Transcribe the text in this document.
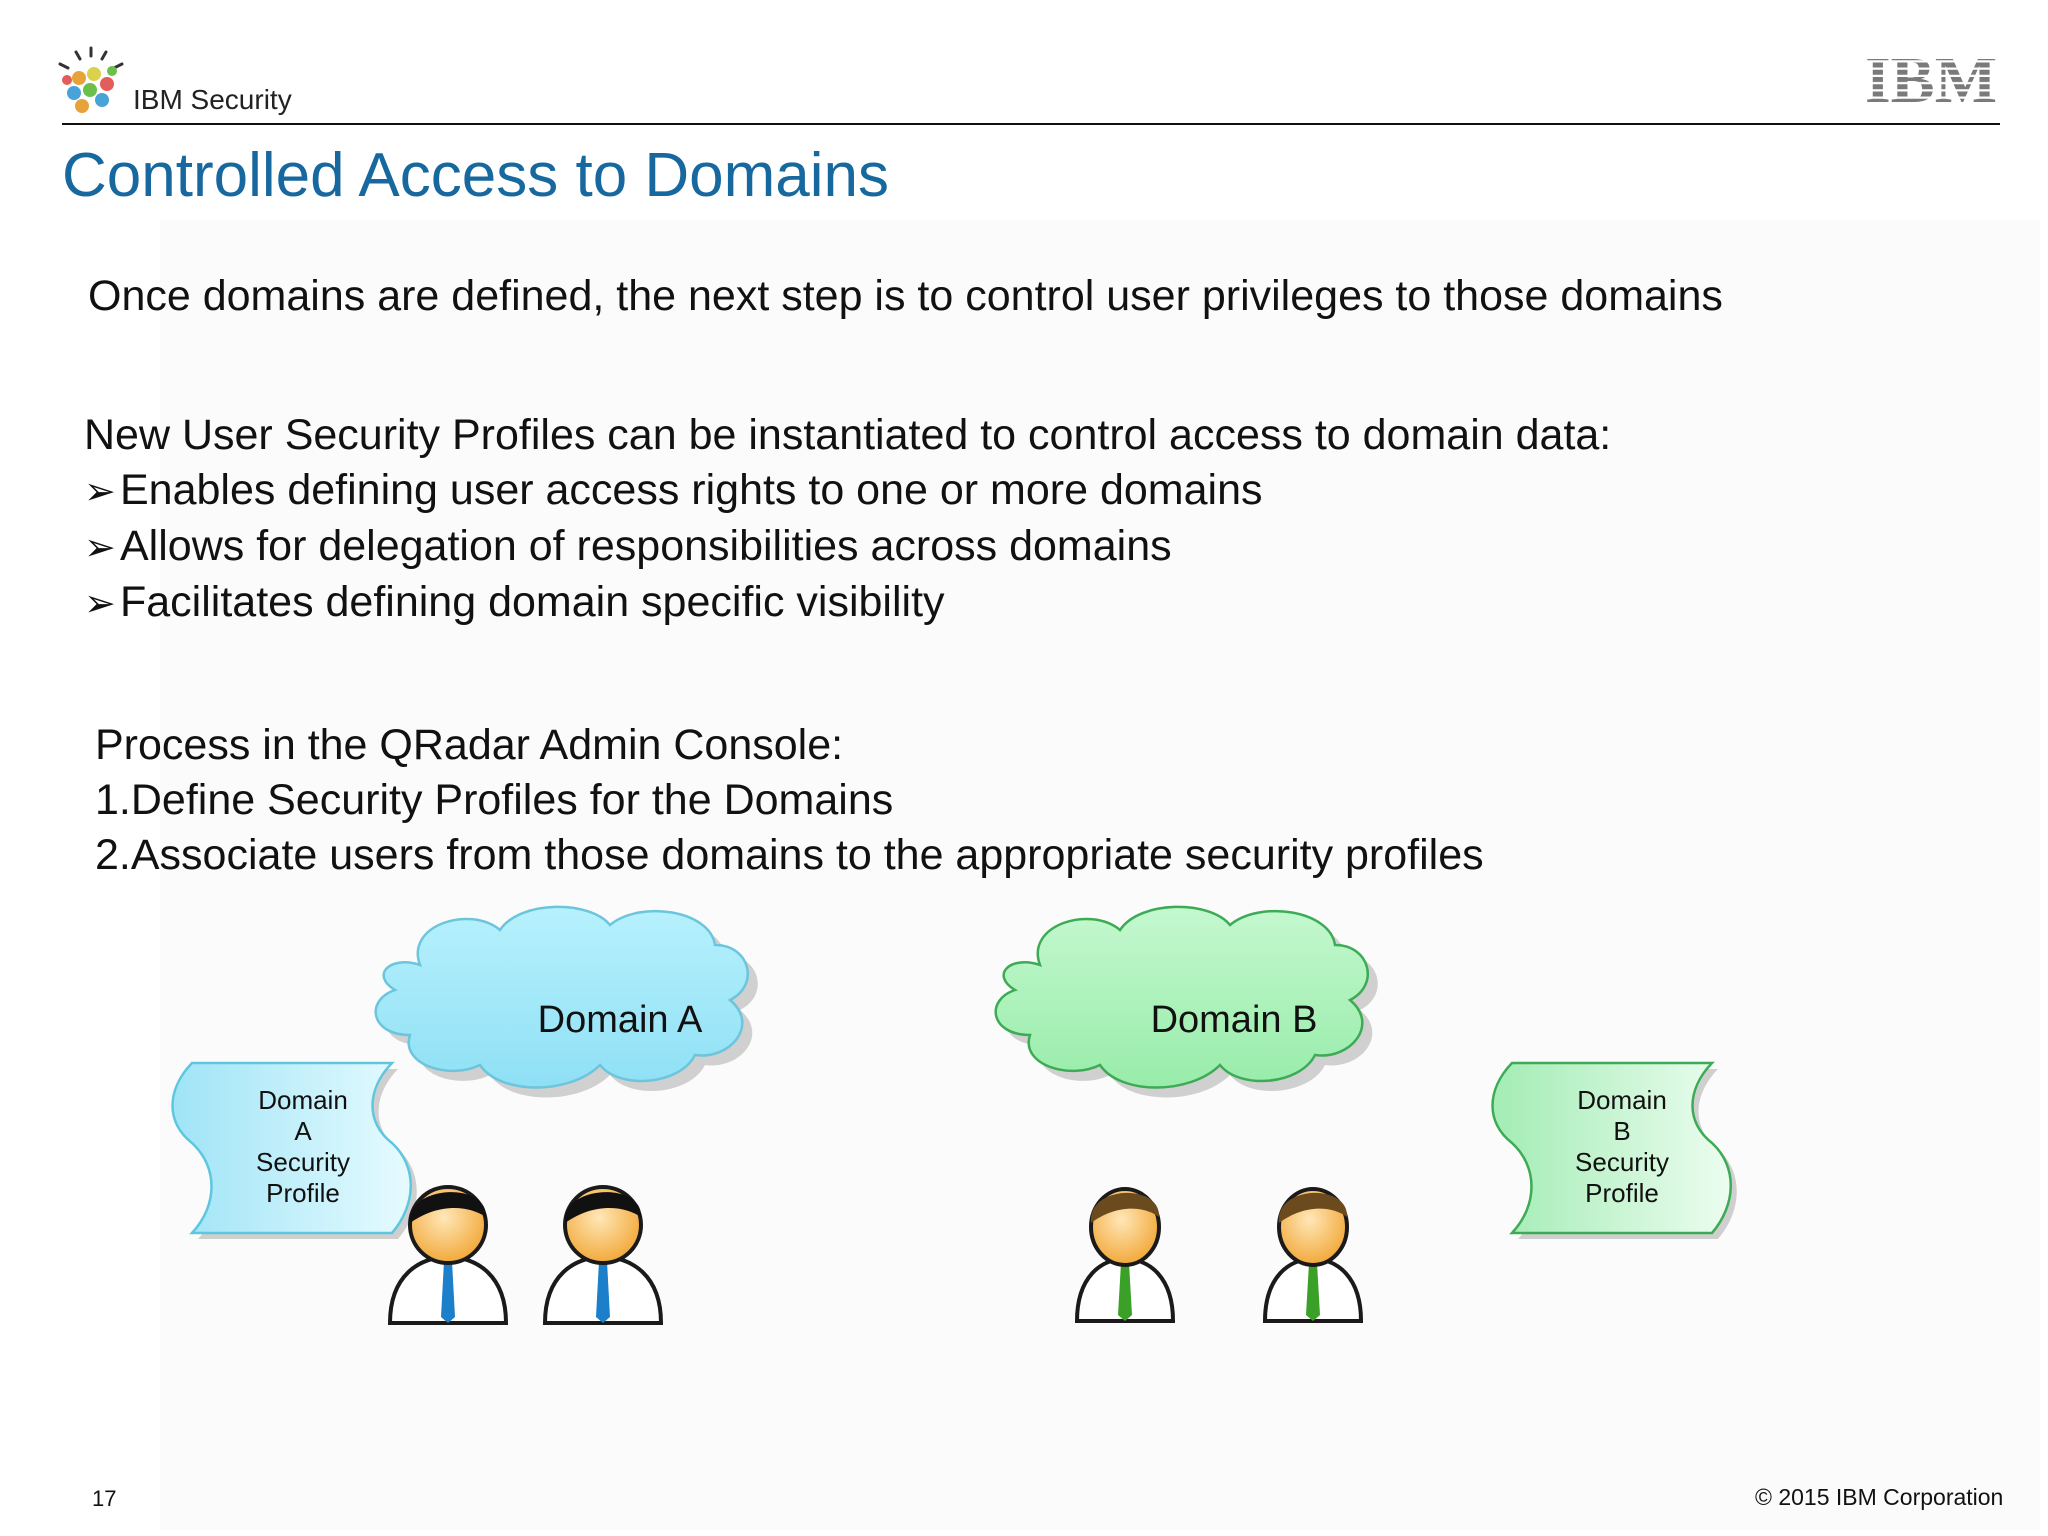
IBM Security	IBM
Controlled Access to Domains
Once domains are defined, the next step is to control user privileges to those domains
New User Security Profiles can be instantiated to control access to domain data:
➢Enables defining user access rights to one or more domains
➢Allows for delegation of responsibilities across domains
➢Facilitates defining domain specific visibility
Process in the QRadar Admin Console:
1.Define Security Profiles for the Domains
2.Associate users from those domains to the appropriate security profiles
Domain A	Domain B
Domain
A
Security
Profile
Domain
B
Security
Profile
17	© 2015 IBM Corporation
